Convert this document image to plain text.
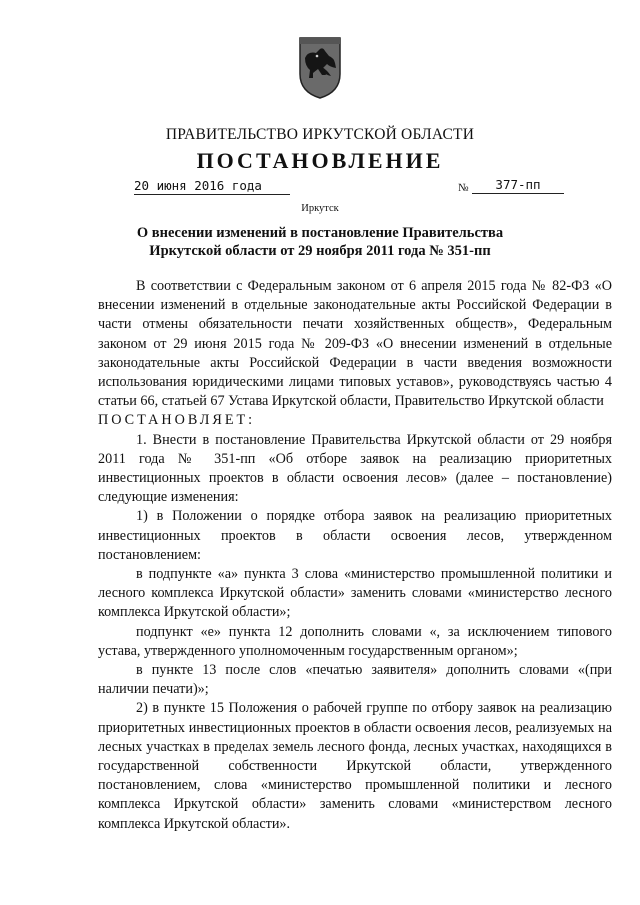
ПРАВИТЕЛЬСТВО ИРКУТСКОЙ ОБЛАСТИ
ПОСТАНОВЛЕНИЕ
20 июня 2016 года	№	377-пп
Иркутск
О внесении изменений в постановление Правительства Иркутской области от 29 ноября 2011 года № 351-пп

В соответствии с Федеральным законом от 6 апреля 2015 года № 82-ФЗ «О внесении изменений в отдельные законодательные акты Российской Федерации в части отмены обязательности печати хозяйственных обществ», Федеральным законом от 29 июня 2015 года № 209-ФЗ «О внесении изменений в отдельные законодательные акты Российской Федерации в части введения возможности использования юридическими лицами типовых уставов», руководствуясь частью 4 статьи 66, статьей 67 Устава Иркутской области, Правительство Иркутской области

ПОСТАНОВЛЯЕТ:

1. Внести в постановление Правительства Иркутской области от 29 ноября 2011 года № 351-пп «Об отборе заявок на реализацию приоритетных инвестиционных проектов в области освоения лесов» (далее – постановление) следующие изменения:

1) в Положении о порядке отбора заявок на реализацию приоритетных инвестиционных проектов в области освоения лесов, утвержденном постановлением:

в подпункте «а» пункта 3 слова «министерство промышленной политики и лесного комплекса Иркутской области» заменить словами «министерство лесного комплекса Иркутской области»;

подпункт «е» пункта 12 дополнить словами «, за исключением типового устава, утвержденного уполномоченным государственным органом»;

в пункте 13 после слов «печатью заявителя» дополнить словами «(при наличии печати)»;

2) в пункте 15 Положения о рабочей группе по отбору заявок на реализацию приоритетных инвестиционных проектов в области освоения лесов, реализуемых на лесных участках в пределах земель лесного фонда, лесных участках, находящихся в государственной собственности Иркутской области, утвержденного постановлением, слова «министерство промышленной политики и лесного комплекса Иркутской области» заменить словами «министерством лесного комплекса Иркутской области».
